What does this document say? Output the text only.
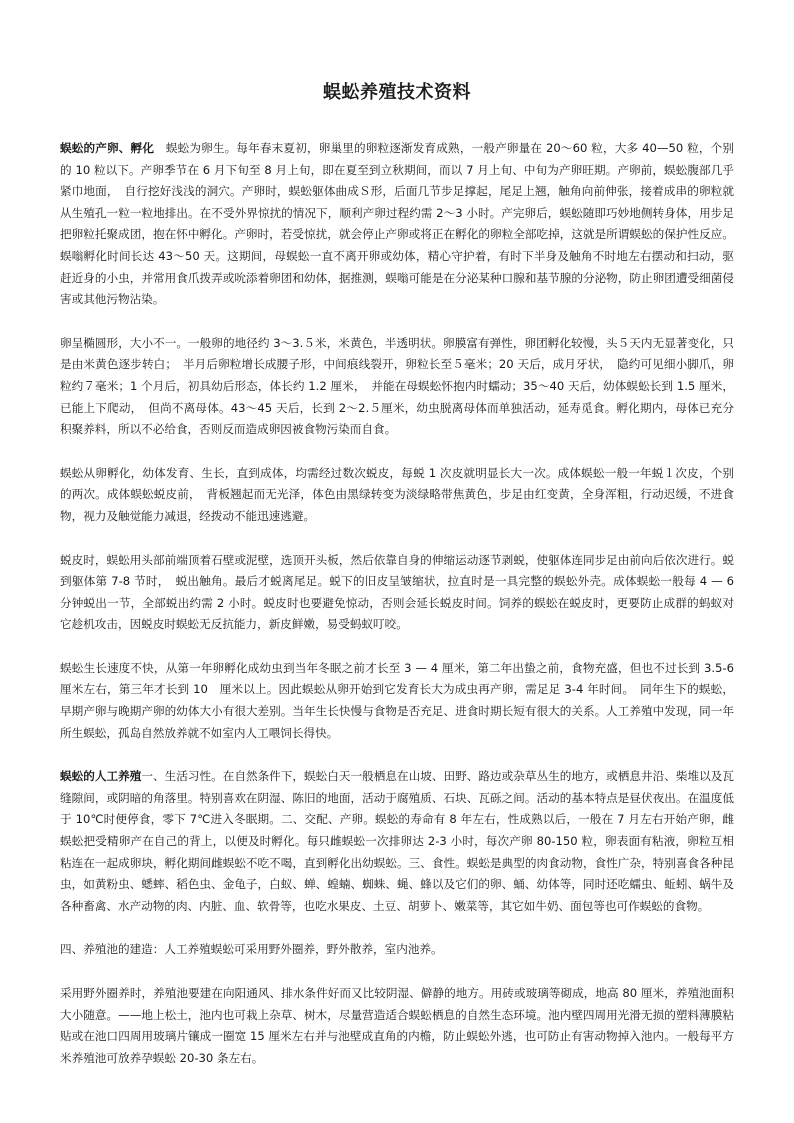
蜈蚣养殖技术资料

蜈蚣的产卵、孵化　蜈蚣为卵生。每年春末夏初，卵巢里的卵粒逐渐发育成熟，一般产卵量在 20～60 粒，大多 40—50 粒，个别的 10 粒以下。产卵季节在 6 月下旬至 8 月上旬，即在夏至到立秋期间，而以 7 月上旬、中旬为产卵旺期。产卵前，蜈蚣腹部几乎紧巾地面，　自行挖好浅浅的洞穴。产卵时，蜈蚣躯体曲成Ｓ形，后面几节步足撑起，尾足上翘，触角向前伸张，接着成串的卵粒就从生殖孔一粒一粒地排出。在不受外界惊扰的情况下，顺利产卵过程约需 2～3 小时。产完卵后，蜈蚣随即巧妙地侧转身体，用步足把卵粒托聚成团，抱在怀中孵化。产卵时，若受惊扰，就会停止产卵或将正在孵化的卵粒全部吃掉，这就是所谓蜈蚣的保护性反应。蜈嗡孵化时间长达 43～50 天。这期间，母蜈蚣一直不离开卵或幼体，精心守护着，有时下半身及触角不时地左右摆动和扫动，驱赶近身的小虫，并常用食爪拨弄或吮添着卵团和幼体，据推测，蜈嗡可能是在分泌某种口腺和基节腺的分泌物，防止卵团遭受细菌侵害或其他污物沾染。

卵呈椭圆形，大小不一。一般卵的地径约 3～3.５米，米黄色，半透明状。卵膜富有弹性，卵团孵化较慢，头５天内无显著变化，只是由米黄色逐步转白；　半月后卵粒增长成腰子形，中间痕线裂开，卵粒长至５毫米；20 天后，成月牙状，　隐约可见细小脚爪，卵粒约７毫米；1 个月后，初具幼后形态，体长约 1.2 厘米，　并能在母蜈蚣怀抱内时蠕动；35～40 天后，幼体蜈蚣长到 1.5 厘米，已能上下爬动，　但尚不离母体。43～45 天后，长到 2～2.５厘米，幼虫脱离母体而单独活动，延寿觅食。孵化期内，母体已充分积聚养料，所以不必给食，否则反而造成卵因被食物污染而自食。

蜈蚣从卵孵化，幼体发育、生长，直到成体，均需经过数次蜕皮，每蜕 1 次皮就明显长大一次。成体蜈蚣一般一年蜕１次皮，个别的两次。成体蜈蚣蜕皮前，　背板翘起而无光泽，体色由黑绿转变为淡绿略带焦黄色，步足由红变黄，全身浑粗，行动迟缓，不进食物，视力及触觉能力减退，经拨动不能迅速逃避。

蜕皮时，蜈蚣用头部前端顶着石壁或泥壁，选顶开头板，然后依靠自身的伸缩运动逐节剥蜕，使躯体连同步足由前向后依次进行。蜕到躯体第 7-8 节时，　蜕出触角。最后才蜕离尾足。蜕下的旧皮呈皱缩状，拉直时是一具完整的蜈蚣外壳。成体蜈蚣一般每 4 — 6 分钟蜕出一节，全部蜕出约需 2 小时。蜕皮时也要避免惊动，否则会延长蜕皮时间。饲养的蜈蚣在蜕皮时，更要防止成群的蚂蚁对它趁机攻击，因蜕皮时蜈蚣无反抗能力，新皮鲜嫩，易受蚂蚁叮咬。

蜈蚣生长速度不快，从第一年卵孵化成幼虫到当年冬眠之前才长至 3 — 4 厘米，第二年出蛰之前，食物充盛，但也不过长到 3.5-6 厘米左右，第三年才长到 10　厘米以上。因此蜈蚣从卵开始到它发育长大为成虫再产卵，需足足 3-4 年时间。　同年生下的蜈蚣，早期产卵与晚期产卵的幼体大小有很大差别。当年生长快慢与食物是否充足、进食时期长短有很大的关系。人工养殖中发现，同一年所生蜈蚣，孤岛自然放养就不如室内人工喂饲长得快。

蜈蚣的人工养殖一、生活习性。在自然条件下，蜈蚣白天一般栖息在山坡、田野、路边或杂草丛生的地方，或栖息井沿、柴堆以及瓦缝隙间，或阴暗的角落里。特别喜欢在阴湿、陈旧的地面，活动于腐殖质、石块、瓦砾之间。活动的基本特点是昼伏夜出。在温度低于 10℃时便停食，零下 7℃进入冬眠期。二、交配、产卵。蜈蚣的寿命有 8 年左右，性成熟以后，一般在 7 月左右开始产卵，雌蜈蚣把受精卵产在自己的背上，以便及时孵化。每只雌蜈蚣一次排卵达 2-3 小时，每次产卵 80-150 粒，卵表面有粘液，卵粒互相粘连在一起成卵块，孵化期间雌蜈蚣不吃不喝，直到孵化出幼蜈蚣。三、食性。蜈蚣是典型的肉食动物，食性广杂，特别喜食各种昆虫，如黄粉虫、蟋蟀、稻色虫、金龟子，白蚁、蝉、蝗蝻、蜘蛛、蝇、蜂以及它们的卵、蛹、幼体等，同时还吃蠕虫、蚯蚓、蜗牛及各种畜禽、水产动物的肉、内脏、血、软骨等，也吃水果皮、土豆、胡萝卜、嫩菜等，其它如牛奶、面包等也可作蜈蚣的食物。

四、养殖池的建造：人工养殖蜈蚣可采用野外圈养，野外散养，室内池养。

采用野外圈养时，养殖池要建在向阳通风、排水条件好而又比较阴湿、僻静的地方。用砖或玻璃等砌成，地高 80 厘米，养殖池面积大小随意。——地上松土，池内也可栽上杂草、树木，尽量营造适合蜈蚣栖息的自然生态环境。池内壁四周用光滑无损的塑料薄膜粘贴或在池口四周用玻璃片镶成一圈宽 15 厘米左右并与池壁成直角的内檐，防止蜈蚣外逃，也可防止有害动物掉入池内。一般每平方米养殖池可放养孕蜈蚣 20-30 条左右。
